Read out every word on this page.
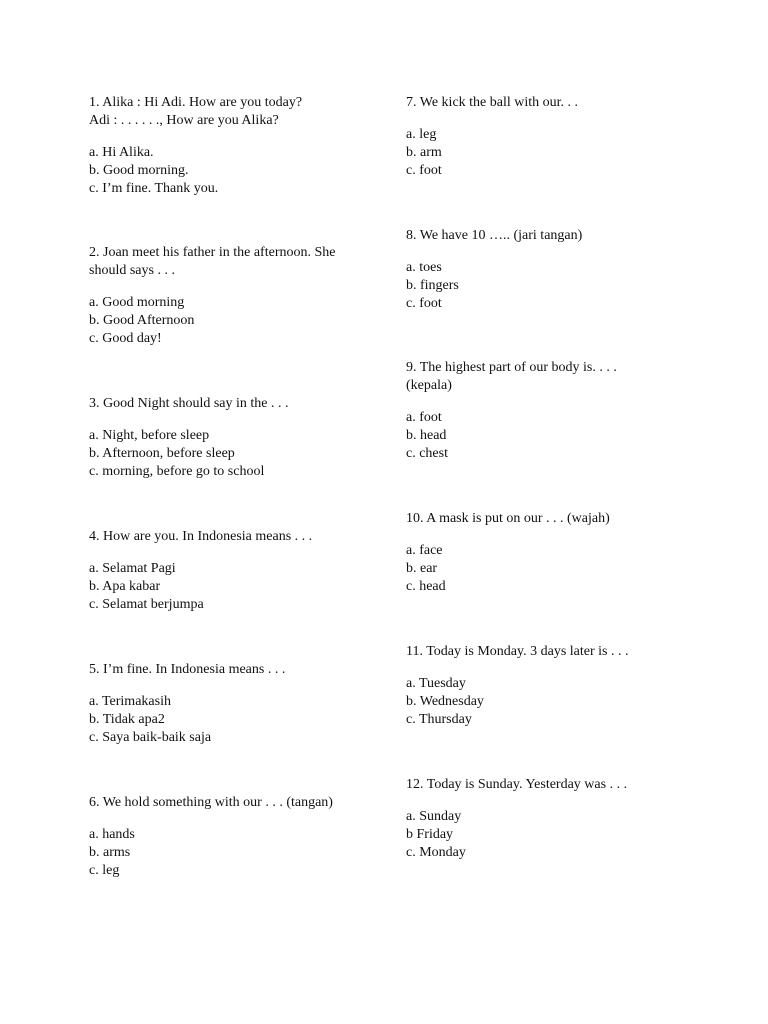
1. Alika : Hi Adi. How are you today?
Adi : . . . . . ., How are you Alika?
a. Hi Alika.
b. Good morning.
c. I’m fine. Thank you.
2. Joan meet his father in the afternoon. She
should says . . .
a. Good morning
b. Good Afternoon
c. Good day!
3. Good Night should say in the . . .
a. Night, before sleep
b. Afternoon, before sleep
c. morning, before go to school
4. How are you. In Indonesia means . . .
a. Selamat Pagi
b. Apa kabar
c. Selamat berjumpa
5. I’m fine. In Indonesia means . . .
a. Terimakasih
b. Tidak apa2
c. Saya baik-baik saja
6. We hold something with our . . . (tangan)
a. hands
b. arms
c. leg
7. We kick the ball with our. . .
a. leg
b. arm
c. foot
8. We have 10 ….. (jari tangan)
a. toes
b. fingers
c. foot
9. The highest part of our body is. . . .
(kepala)
a. foot
b. head
c. chest
10. A mask is put on our . . . (wajah)
a. face
b. ear
c. head
11. Today is Monday. 3 days later is . . .
a. Tuesday
b. Wednesday
c. Thursday
12. Today is Sunday. Yesterday was . . .
a. Sunday
b Friday
c. Monday
